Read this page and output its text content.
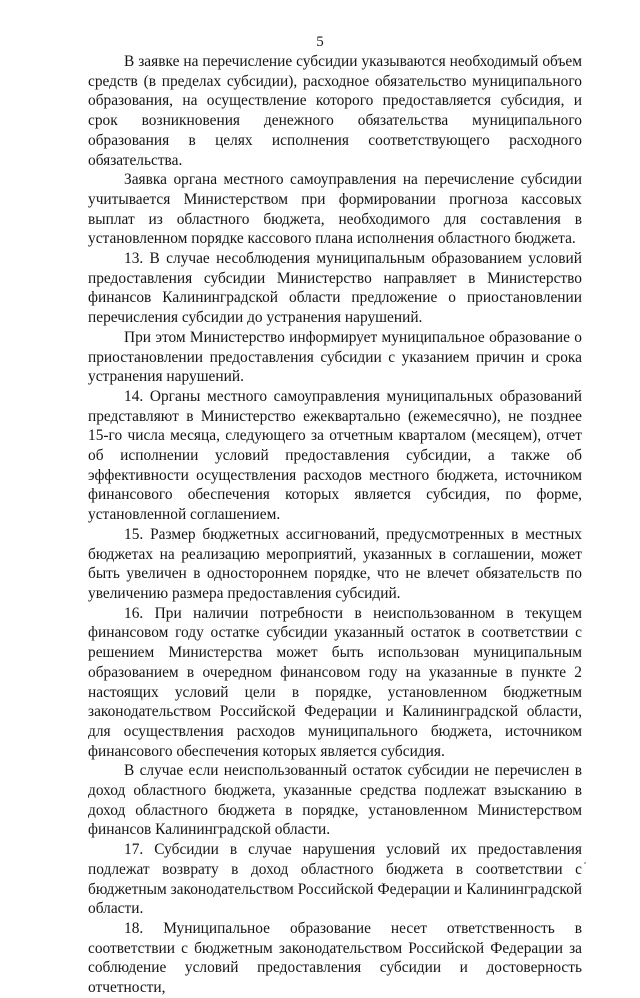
5

В заявке на перечисление субсидии указываются необходимый объем средств (в пределах субсидии), расходное обязательство муниципального образования, на осуществление которого предоставляется субсидия, и срок возникновения денежного обязательства муниципального образования в целях исполнения соответствующего расходного обязательства.

Заявка органа местного самоуправления на перечисление субсидии учитывается Министерством при формировании прогноза кассовых выплат из областного бюджета, необходимого для составления в установленном порядке кассового плана исполнения областного бюджета.

13. В случае несоблюдения муниципальным образованием условий предоставления субсидии Министерство направляет в Министерство финансов Калининградской области предложение о приостановлении перечисления субсидии до устранения нарушений.

При этом Министерство информирует муниципальное образование о приостановлении предоставления субсидии с указанием причин и срока устранения нарушений.

14. Органы местного самоуправления муниципальных образований представляют в Министерство ежеквартально (ежемесячно), не позднее 15-го числа месяца, следующего за отчетным кварталом (месяцем), отчет об исполнении условий предоставления субсидии, а также об эффективности осуществления расходов местного бюджета, источником финансового обеспечения которых является субсидия, по форме, установленной соглашением.

15. Размер бюджетных ассигнований, предусмотренных в местных бюджетах на реализацию мероприятий, указанных в соглашении, может быть увеличен в одностороннем порядке, что не влечет обязательств по увеличению размера предоставления субсидий.

16. При наличии потребности в неиспользованном в текущем финансовом году остатке субсидии указанный остаток в соответствии с решением Министерства может быть использован муниципальным образованием в очередном финансовом году на указанные в пункте 2 настоящих условий цели в порядке, установленном бюджетным законодательством Российской Федерации и Калининградской области, для осуществления расходов муниципального бюджета, источником финансового обеспечения которых является субсидия.

В случае если неиспользованный остаток субсидии не перечислен в доход областного бюджета, указанные средства подлежат взысканию в доход областного бюджета в порядке, установленном Министерством финансов Калининградской области.

17. Субсидии в случае нарушения условий их предоставления подлежат возврату в доход областного бюджета в соответствии с бюджетным законодательством Российской Федерации и Калининградской области.

18. Муниципальное образование несет ответственность в соответствии с бюджетным законодательством Российской Федерации за соблюдение условий предоставления субсидии и достоверность отчетности,
